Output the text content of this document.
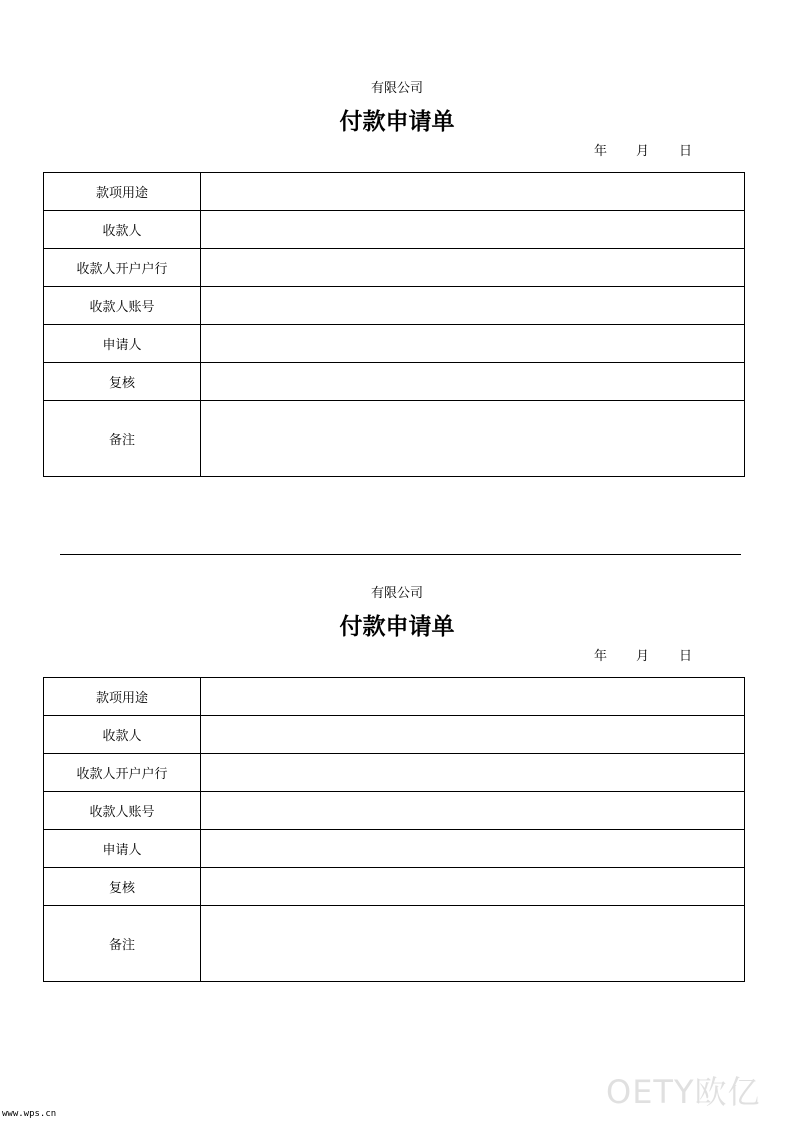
有限公司
付款申请单
年 月 日
款项用途	
收款人	
收款人开户户行	
收款人账号	
申请人	
复核	
备注	
有限公司
付款申请单
年 月 日
款项用途	
收款人	
收款人开户户行	
收款人账号	
申请人	
复核	
备注	
www.wps.cn
OETY欧亿
